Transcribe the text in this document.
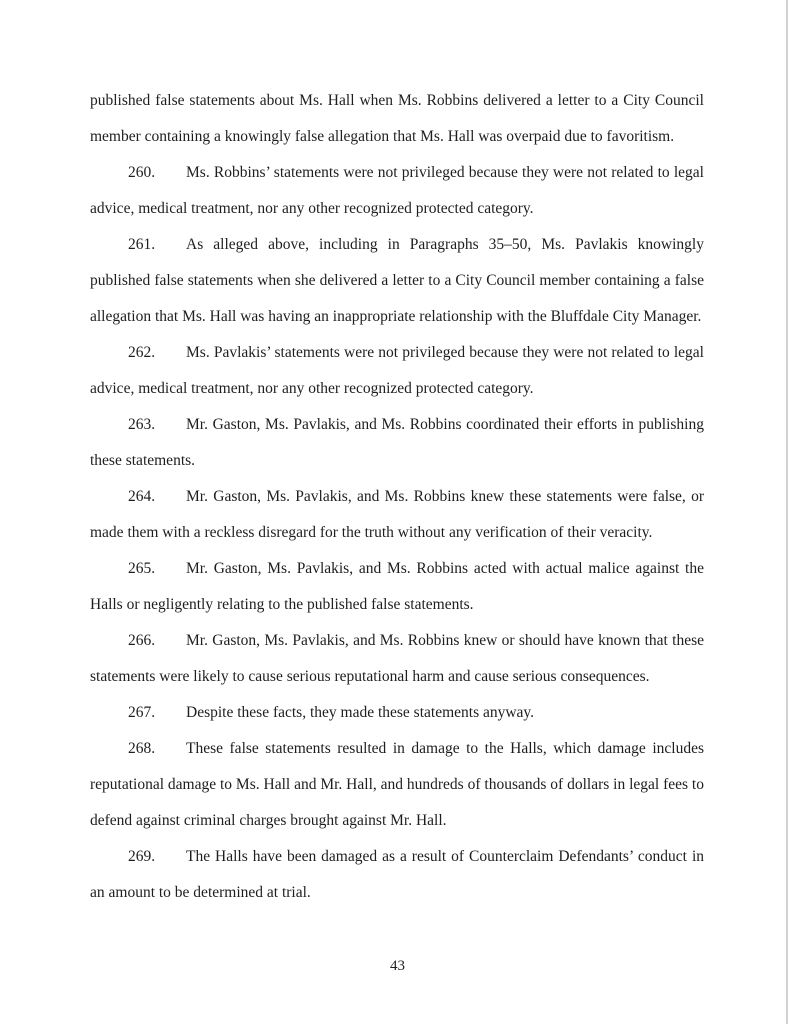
published false statements about Ms. Hall when Ms. Robbins delivered a letter to a City Council member containing a knowingly false allegation that Ms. Hall was overpaid due to favoritism.

260. Ms. Robbins’ statements were not privileged because they were not related to legal advice, medical treatment, nor any other recognized protected category.

261. As alleged above, including in Paragraphs 35–50, Ms. Pavlakis knowingly published false statements when she delivered a letter to a City Council member containing a false allegation that Ms. Hall was having an inappropriate relationship with the Bluffdale City Manager.

262. Ms. Pavlakis’ statements were not privileged because they were not related to legal advice, medical treatment, nor any other recognized protected category.

263. Mr. Gaston, Ms. Pavlakis, and Ms. Robbins coordinated their efforts in publishing these statements.

264. Mr. Gaston, Ms. Pavlakis, and Ms. Robbins knew these statements were false, or made them with a reckless disregard for the truth without any verification of their veracity.

265. Mr. Gaston, Ms. Pavlakis, and Ms. Robbins acted with actual malice against the Halls or negligently relating to the published false statements.

266. Mr. Gaston, Ms. Pavlakis, and Ms. Robbins knew or should have known that these statements were likely to cause serious reputational harm and cause serious consequences.

267. Despite these facts, they made these statements anyway.

268. These false statements resulted in damage to the Halls, which damage includes reputational damage to Ms. Hall and Mr. Hall, and hundreds of thousands of dollars in legal fees to defend against criminal charges brought against Mr. Hall.

269. The Halls have been damaged as a result of Counterclaim Defendants’ conduct in an amount to be determined at trial.

43
